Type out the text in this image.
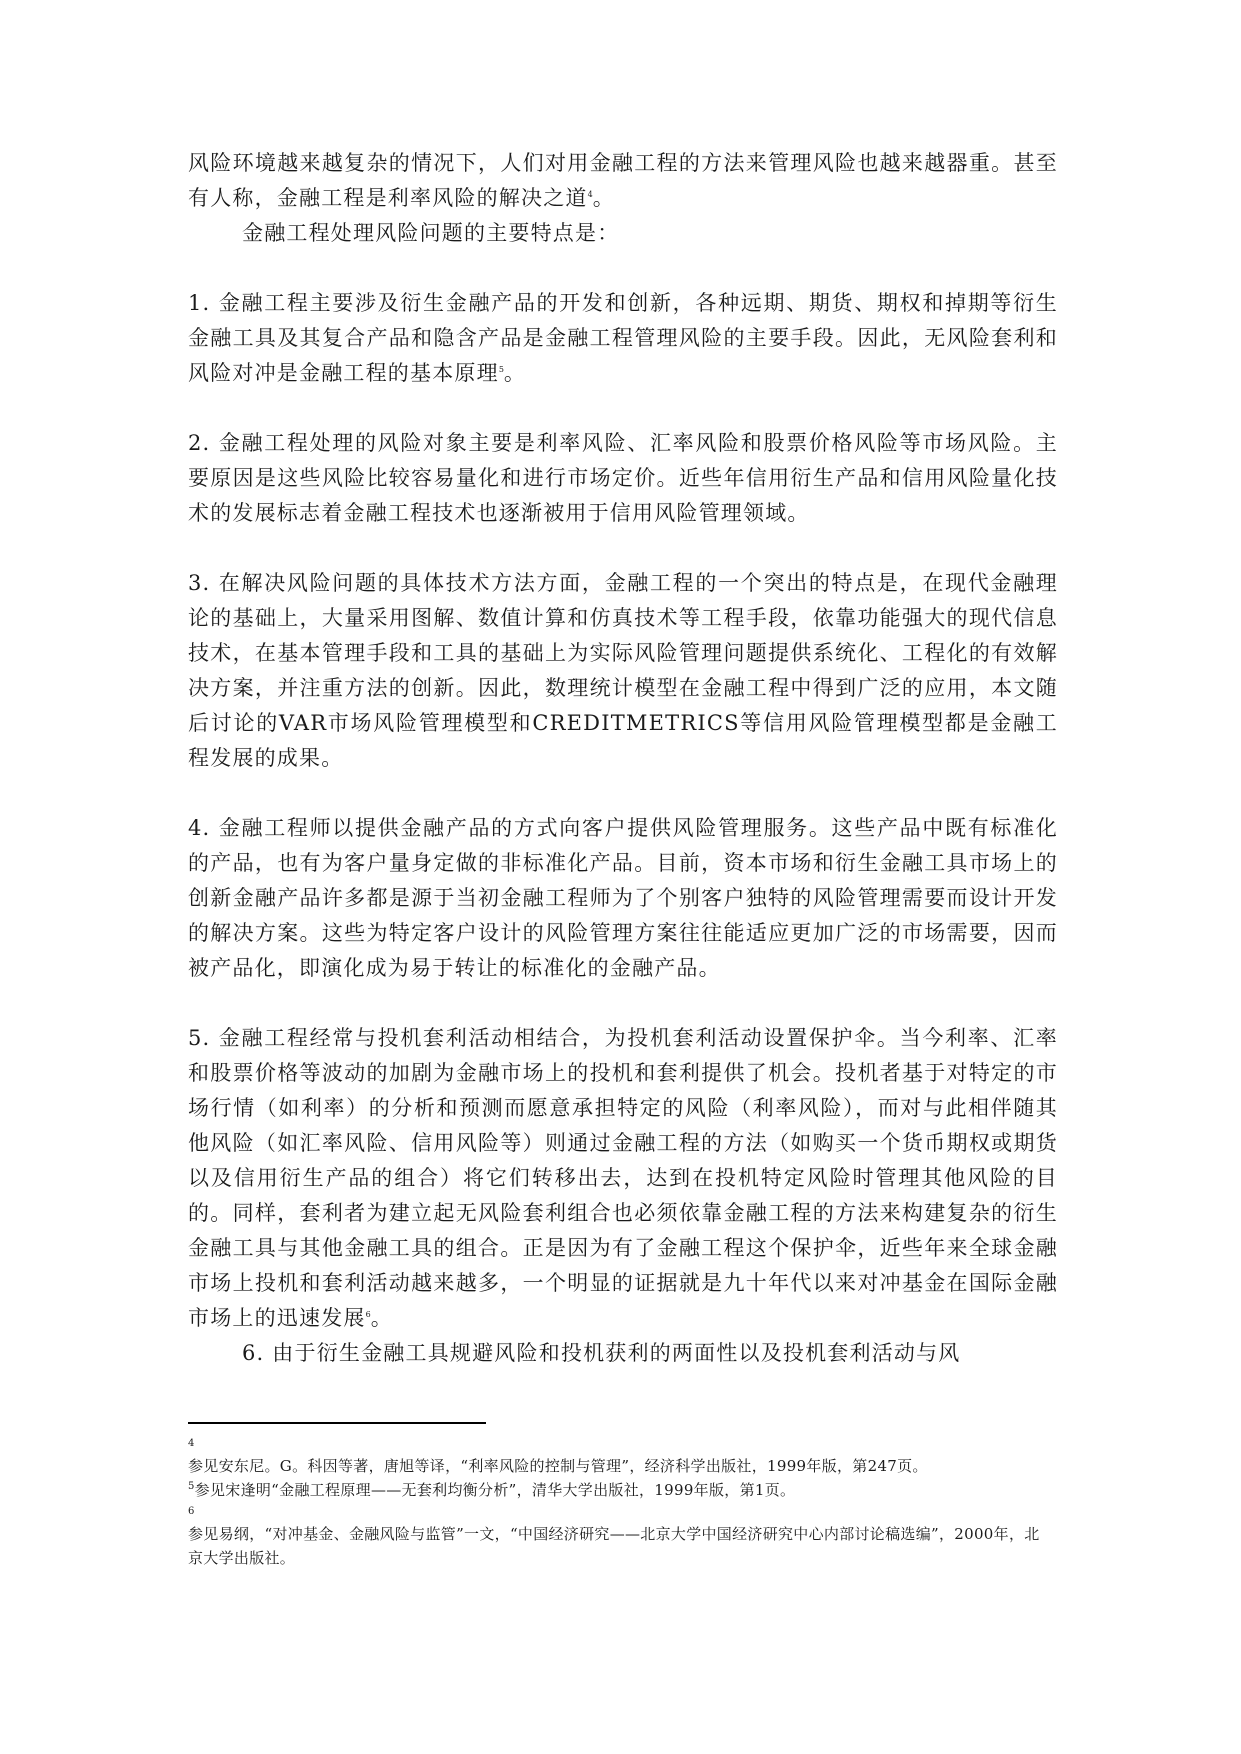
风险环境越来越复杂的情况下，人们对用金融工程的方法来管理风险也越来越器重。甚至有人称，金融工程是利率风险的解决之道$^4$。

金融工程处理风险问题的主要特点是：

1. 金融工程主要涉及衍生金融产品的开发和创新，各种远期、期货、期权和掉期等衍生金融工具及其复合产品和隐含产品是金融工程管理风险的主要手段。因此，无风险套利和风险对冲是金融工程的基本原理$^5$。

2. 金融工程处理的风险对象主要是利率风险、汇率风险和股票价格风险等市场风险。主要原因是这些风险比较容易量化和进行市场定价。近些年信用衍生产品和信用风险量化技术的发展标志着金融工程技术也逐渐被用于信用风险管理领域。

3. 在解决风险问题的具体技术方法方面，金融工程的一个突出的特点是，在现代金融理论的基础上，大量采用图解、数值计算和仿真技术等工程手段，依靠功能强大的现代信息技术，在基本管理手段和工具的基础上为实际风险管理问题提供系统化、工程化的有效解决方案，并注重方法的创新。因此，数理统计模型在金融工程中得到广泛的应用，本文随后讨论的VAR市场风险管理模型和CREDITMETRICS等信用风险管理模型都是金融工程发展的成果。

4. 金融工程师以提供金融产品的方式向客户提供风险管理服务。这些产品中既有标准化的产品，也有为客户量身定做的非标准化产品。目前，资本市场和衍生金融工具市场上的创新金融产品许多都是源于当初金融工程师为了个别客户独特的风险管理需要而设计开发的解决方案。这些为特定客户设计的风险管理方案往往能适应更加广泛的市场需要，因而被产品化，即演化成为易于转让的标准化的金融产品。

5. 金融工程经常与投机套利活动相结合，为投机套利活动设置保护伞。当今利率、汇率和股票价格等波动的加剧为金融市场上的投机和套利提供了机会。投机者基于对特定的市场行情（如利率）的分析和预测而愿意承担特定的风险（利率风险），而对与此相伴随其他风险（如汇率风险、信用风险等）则通过金融工程的方法（如购买一个货币期权或期货以及信用衍生产品的组合）将它们转移出去，达到在投机特定风险时管理其他风险的目的。同样，套利者为建立起无风险套利组合也必须依靠金融工程的方法来构建复杂的衍生金融工具与其他金融工具的组合。正是因为有了金融工程这个保护伞，近些年来全球金融市场上投机和套利活动越来越多，一个明显的证据就是九十年代以来对冲基金在国际金融市场上的迅速发展$^6$。

6. 由于衍生金融工具规避风险和投机获利的两面性以及投机套利活动与风

4

参见安东尼。G。科因等著，唐旭等译，“利率风险的控制与管理”，经济科学出版社，1999年版，第247页。

$^5$参见宋逢明“金融工程原理——无套利均衡分析”，清华大学出版社，1999年版，第1页。

6

参见易纲，“对冲基金、金融风险与监管”一文，“中国经济研究——北京大学中国经济研究中心内部讨论稿选编”，2000年，北京大学出版社。
